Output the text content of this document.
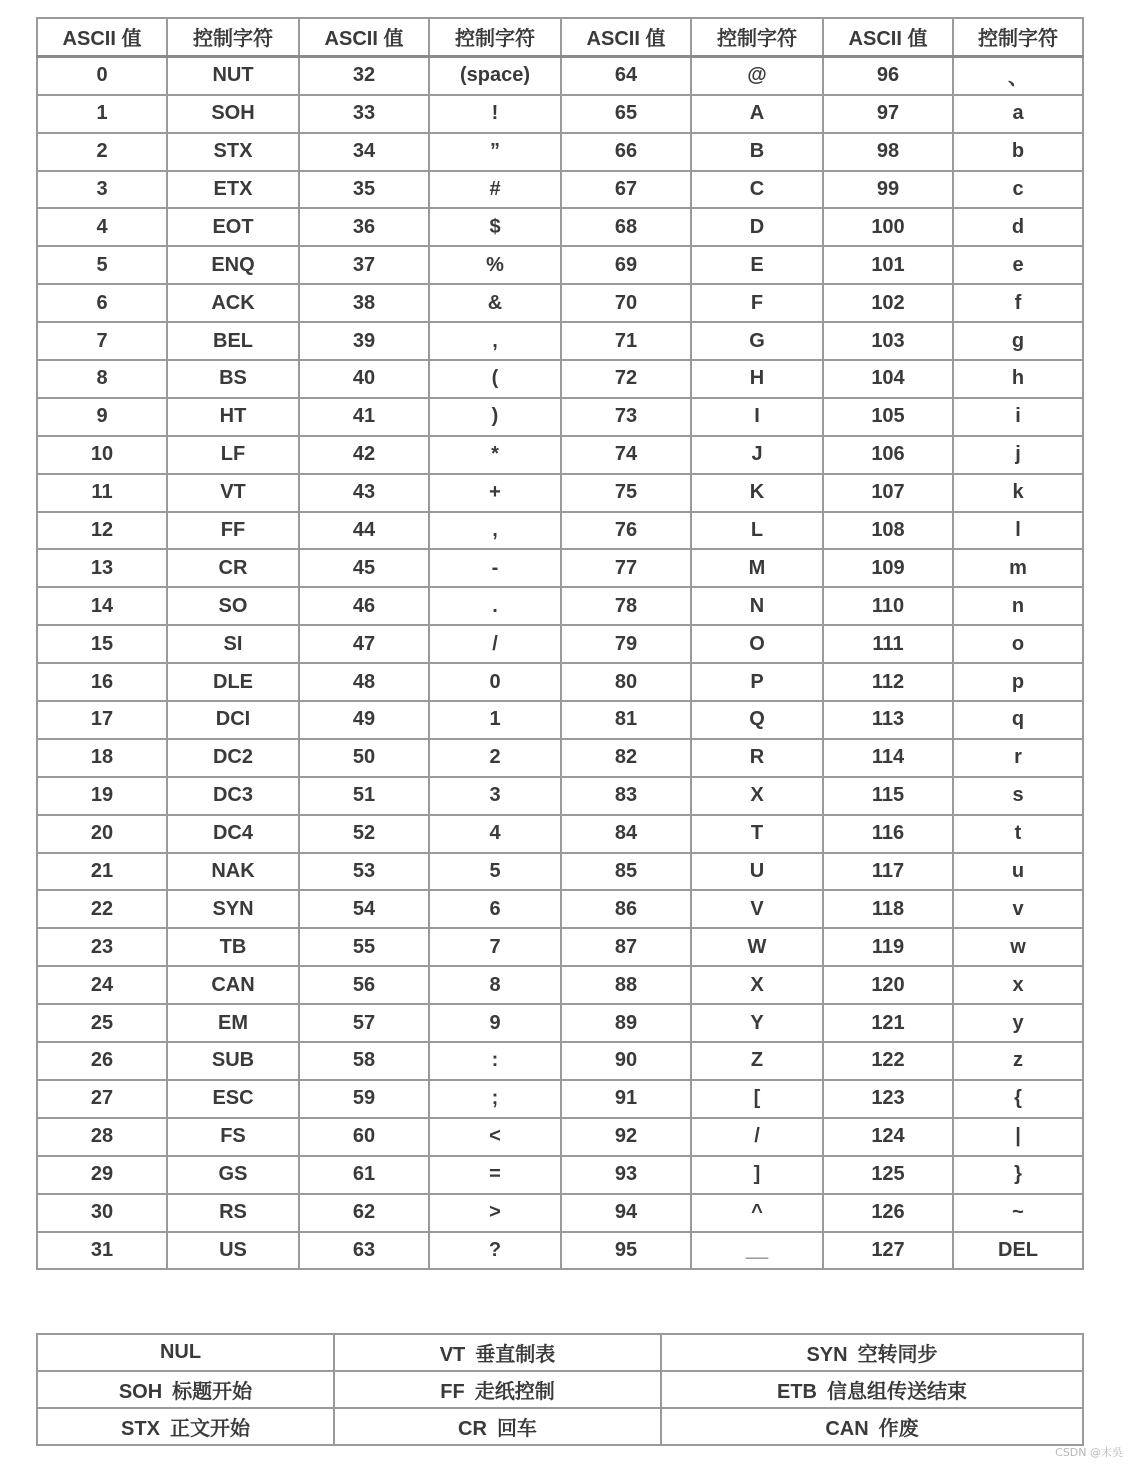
ASCII 值	控制字符	ASCII 值	控制字符	ASCII 值	控制字符	ASCII 值	控制字符
0	NUT	32	(space)	64	@	96	、
1	SOH	33	!	65	A	97	a
2	STX	34	”	66	B	98	b
3	ETX	35	#	67	C	99	c
4	EOT	36	$	68	D	100	d
5	ENQ	37	%	69	E	101	e
6	ACK	38	&	70	F	102	f
7	BEL	39	,	71	G	103	g
8	BS	40	(	72	H	104	h
9	HT	41	)	73	I	105	i
10	LF	42	*	74	J	106	j
11	VT	43	+	75	K	107	k
12	FF	44	,	76	L	108	l
13	CR	45	-	77	M	109	m
14	SO	46	.	78	N	110	n
15	SI	47	/	79	O	111	o
16	DLE	48	0	80	P	112	p
17	DCI	49	1	81	Q	113	q
18	DC2	50	2	82	R	114	r
19	DC3	51	3	83	X	115	s
20	DC4	52	4	84	T	116	t
21	NAK	53	5	85	U	117	u
22	SYN	54	6	86	V	118	v
23	TB	55	7	87	W	119	w
24	CAN	56	8	88	X	120	x
25	EM	57	9	89	Y	121	y
26	SUB	58	:	90	Z	122	z
27	ESC	59	;	91	[	123	{
28	FS	60	<	92	/	124	|
29	GS	61	=	93	]	125	}
30	RS	62	>	94	^	126	~
31	US	63	?	95	__	127	DEL
NUL	VT 垂直制表	SYN 空转同步
SOH 标题开始	FF 走纸控制	ETB 信息组传送结束
STX 正文开始	CR 回车	CAN 作废
CSDN @末吳
